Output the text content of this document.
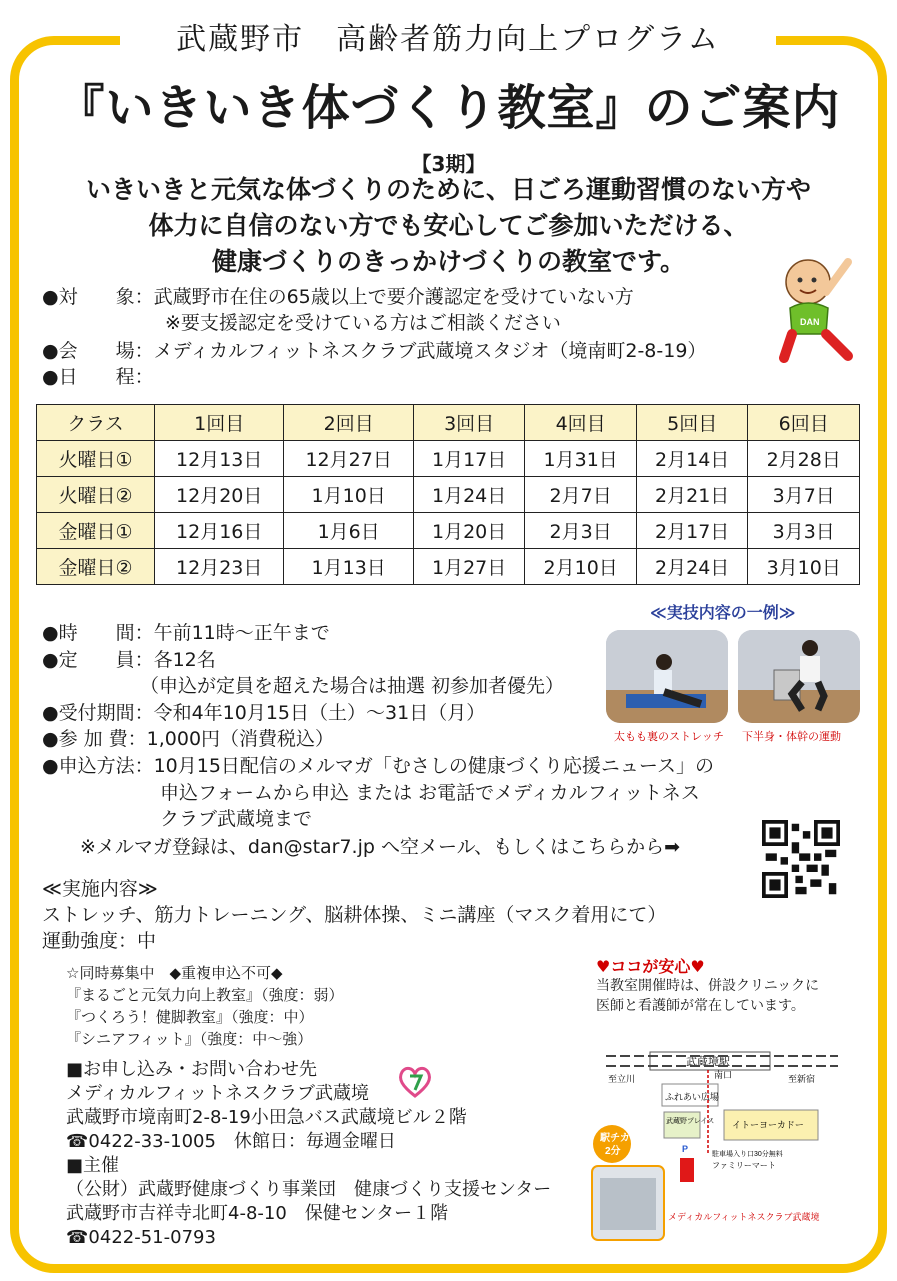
武蔵野市　高齢者筋力向上プログラム
『いきいき体づくり教室』のご案内
【3期】
いきいきと元気な体づくりのために、日ごろ運動習慣のない方や
体力に自信のない方でも安心してご参加いただける、
健康づくりのきっかけづくりの教室です。
●対　　象：武蔵野市在住の65歳以上で要介護認定を受けていない方
※要支援認定を受けている方はご相談ください
●会　　場：メディカルフィットネスクラブ武蔵境スタジオ（境南町2-8-19）
●日　　程：
DAN
クラス	1回目	2回目	3回目	4回目	5回目	6回目
火曜日①	12月13日	12月27日	1月17日	1月31日	2月14日	2月28日
火曜日②	12月20日	1月10日	1月24日	2月7日	2月21日	3月7日
金曜日①	12月16日	1月6日	1月20日	2月3日	2月17日	3月3日
金曜日②	12月23日	1月13日	1月27日	2月10日	2月24日	3月10日
≪実技内容の一例≫
太もも裏のストレッチ 下半身・体幹の運動
●時　　間：午前11時～正午まで
●定　　員：各12名
（申込が定員を超えた場合は抽選 初参加者優先）
●受付期間：令和4年10月15日（土）～31日（月）
●参 加 費：1,000円（消費税込）
●申込方法：10月15日配信のメルマガ「むさしの健康づくり応援ニュース」の
申込フォームから申込 または お電話でメディカルフィットネス
クラブ武蔵境まで
※メルマガ登録は、dan@star7.jp へ空メール、もしくはこちらから➡
≪実施内容≫
ストレッチ、筋力トレーニング、脳耕体操、ミニ講座（マスク着用にて）
運動強度：中
☆同時募集中　◆重複申込不可◆
『まるごと元気力向上教室』（強度：弱）
『つくろう！健脚教室』（強度：中）
『シニアフィット』（強度：中～強）
■お申し込み・お問い合わせ先
メディカルフィットネスクラブ武蔵境
武蔵野市境南町2-8-19小田急バス武蔵境ビル２階
☎0422-33-1005　休館日：毎週金曜日
■主催
（公財）武蔵野健康づくり事業団　健康づくり支援センター
武蔵野市吉祥寺北町4-8-10　保健センター１階
☎0422-51-0793
♥ココが安心♥
当教室開催時は、併設クリニックに
医師と看護師が常在しています。
武蔵境駅
至立川	至新宿
南口
ふれあい広場
武蔵野プレイス イトーヨーカドー
P
駐車場入り口30分無料
ファミリーマート
駅チカ
2分
メディカルフィットネスクラブ武蔵境
